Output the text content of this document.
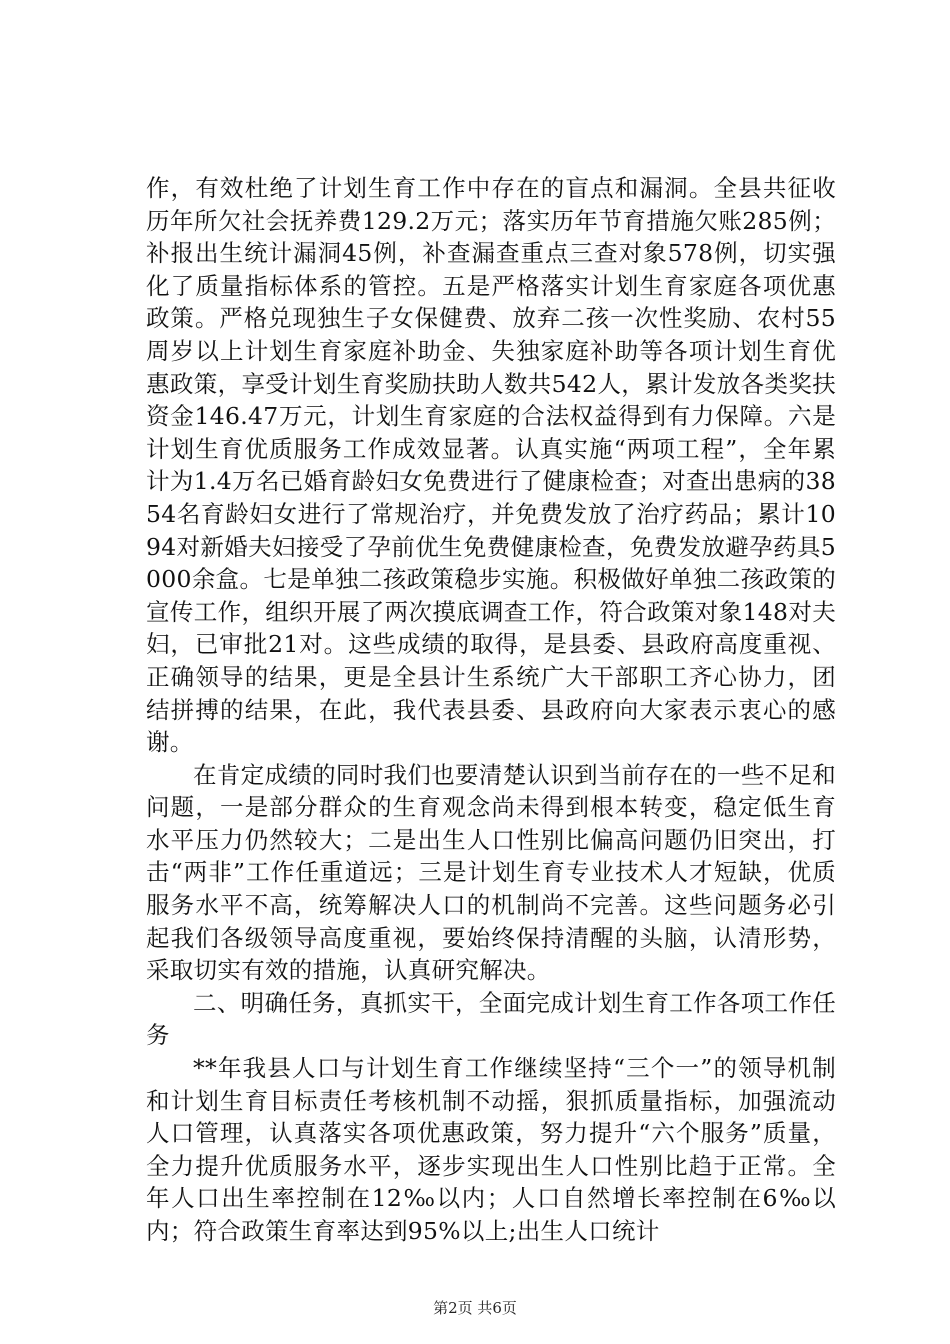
作，有效杜绝了计划生育工作中存在的盲点和漏洞。全县共征收历年所欠社会抚养费129.2万元；落实历年节育措施欠账285例；补报出生统计漏洞45例，补查漏查重点三查对象578例，切实强化了质量指标体系的管控。五是严格落实计划生育家庭各项优惠政策。严格兑现独生子女保健费、放弃二孩一次性奖励、农村55周岁以上计划生育家庭补助金、失独家庭补助等各项计划生育优惠政策，享受计划生育奖励扶助人数共542人，累计发放各类奖扶资金146.47万元，计划生育家庭的合法权益得到有力保障。六是计划生育优质服务工作成效显著。认真实施“两项工程”，全年累计为1.4万名已婚育龄妇女免费进行了健康检查；对查出患病的3854名育龄妇女进行了常规治疗，并免费发放了治疗药品；累计1094对新婚夫妇接受了孕前优生免费健康检查，免费发放避孕药具5000余盒。七是单独二孩政策稳步实施。积极做好单独二孩政策的宣传工作，组织开展了两次摸底调查工作，符合政策对象148对夫妇，已审批21对。这些成绩的取得，是县委、县政府高度重视、正确领导的结果，更是全县计生系统广大干部职工齐心协力，团结拼搏的结果，在此，我代表县委、县政府向大家表示衷心的感谢。

在肯定成绩的同时我们也要清楚认识到当前存在的一些不足和问题，一是部分群众的生育观念尚未得到根本转变，稳定低生育水平压力仍然较大；二是出生人口性别比偏高问题仍旧突出，打击“两非”工作任重道远；三是计划生育专业技术人才短缺，优质服务水平不高，统筹解决人口的机制尚不完善。这些问题务必引起我们各级领导高度重视，要始终保持清醒的头脑，认清形势，采取切实有效的措施，认真研究解决。

二、明确任务，真抓实干，全面完成计划生育工作各项工作任务

**年我县人口与计划生育工作继续坚持“三个一”的领导机制和计划生育目标责任考核机制不动摇，狠抓质量指标，加强流动人口管理，认真落实各项优惠政策，努力提升“六个服务”质量，全力提升优质服务水平，逐步实现出生人口性别比趋于正常。全年人口出生率控制在12‰以内；人口自然增长率控制在6‰以内；符合政策生育率达到95%以上;出生人口统计

第2页 共6页
